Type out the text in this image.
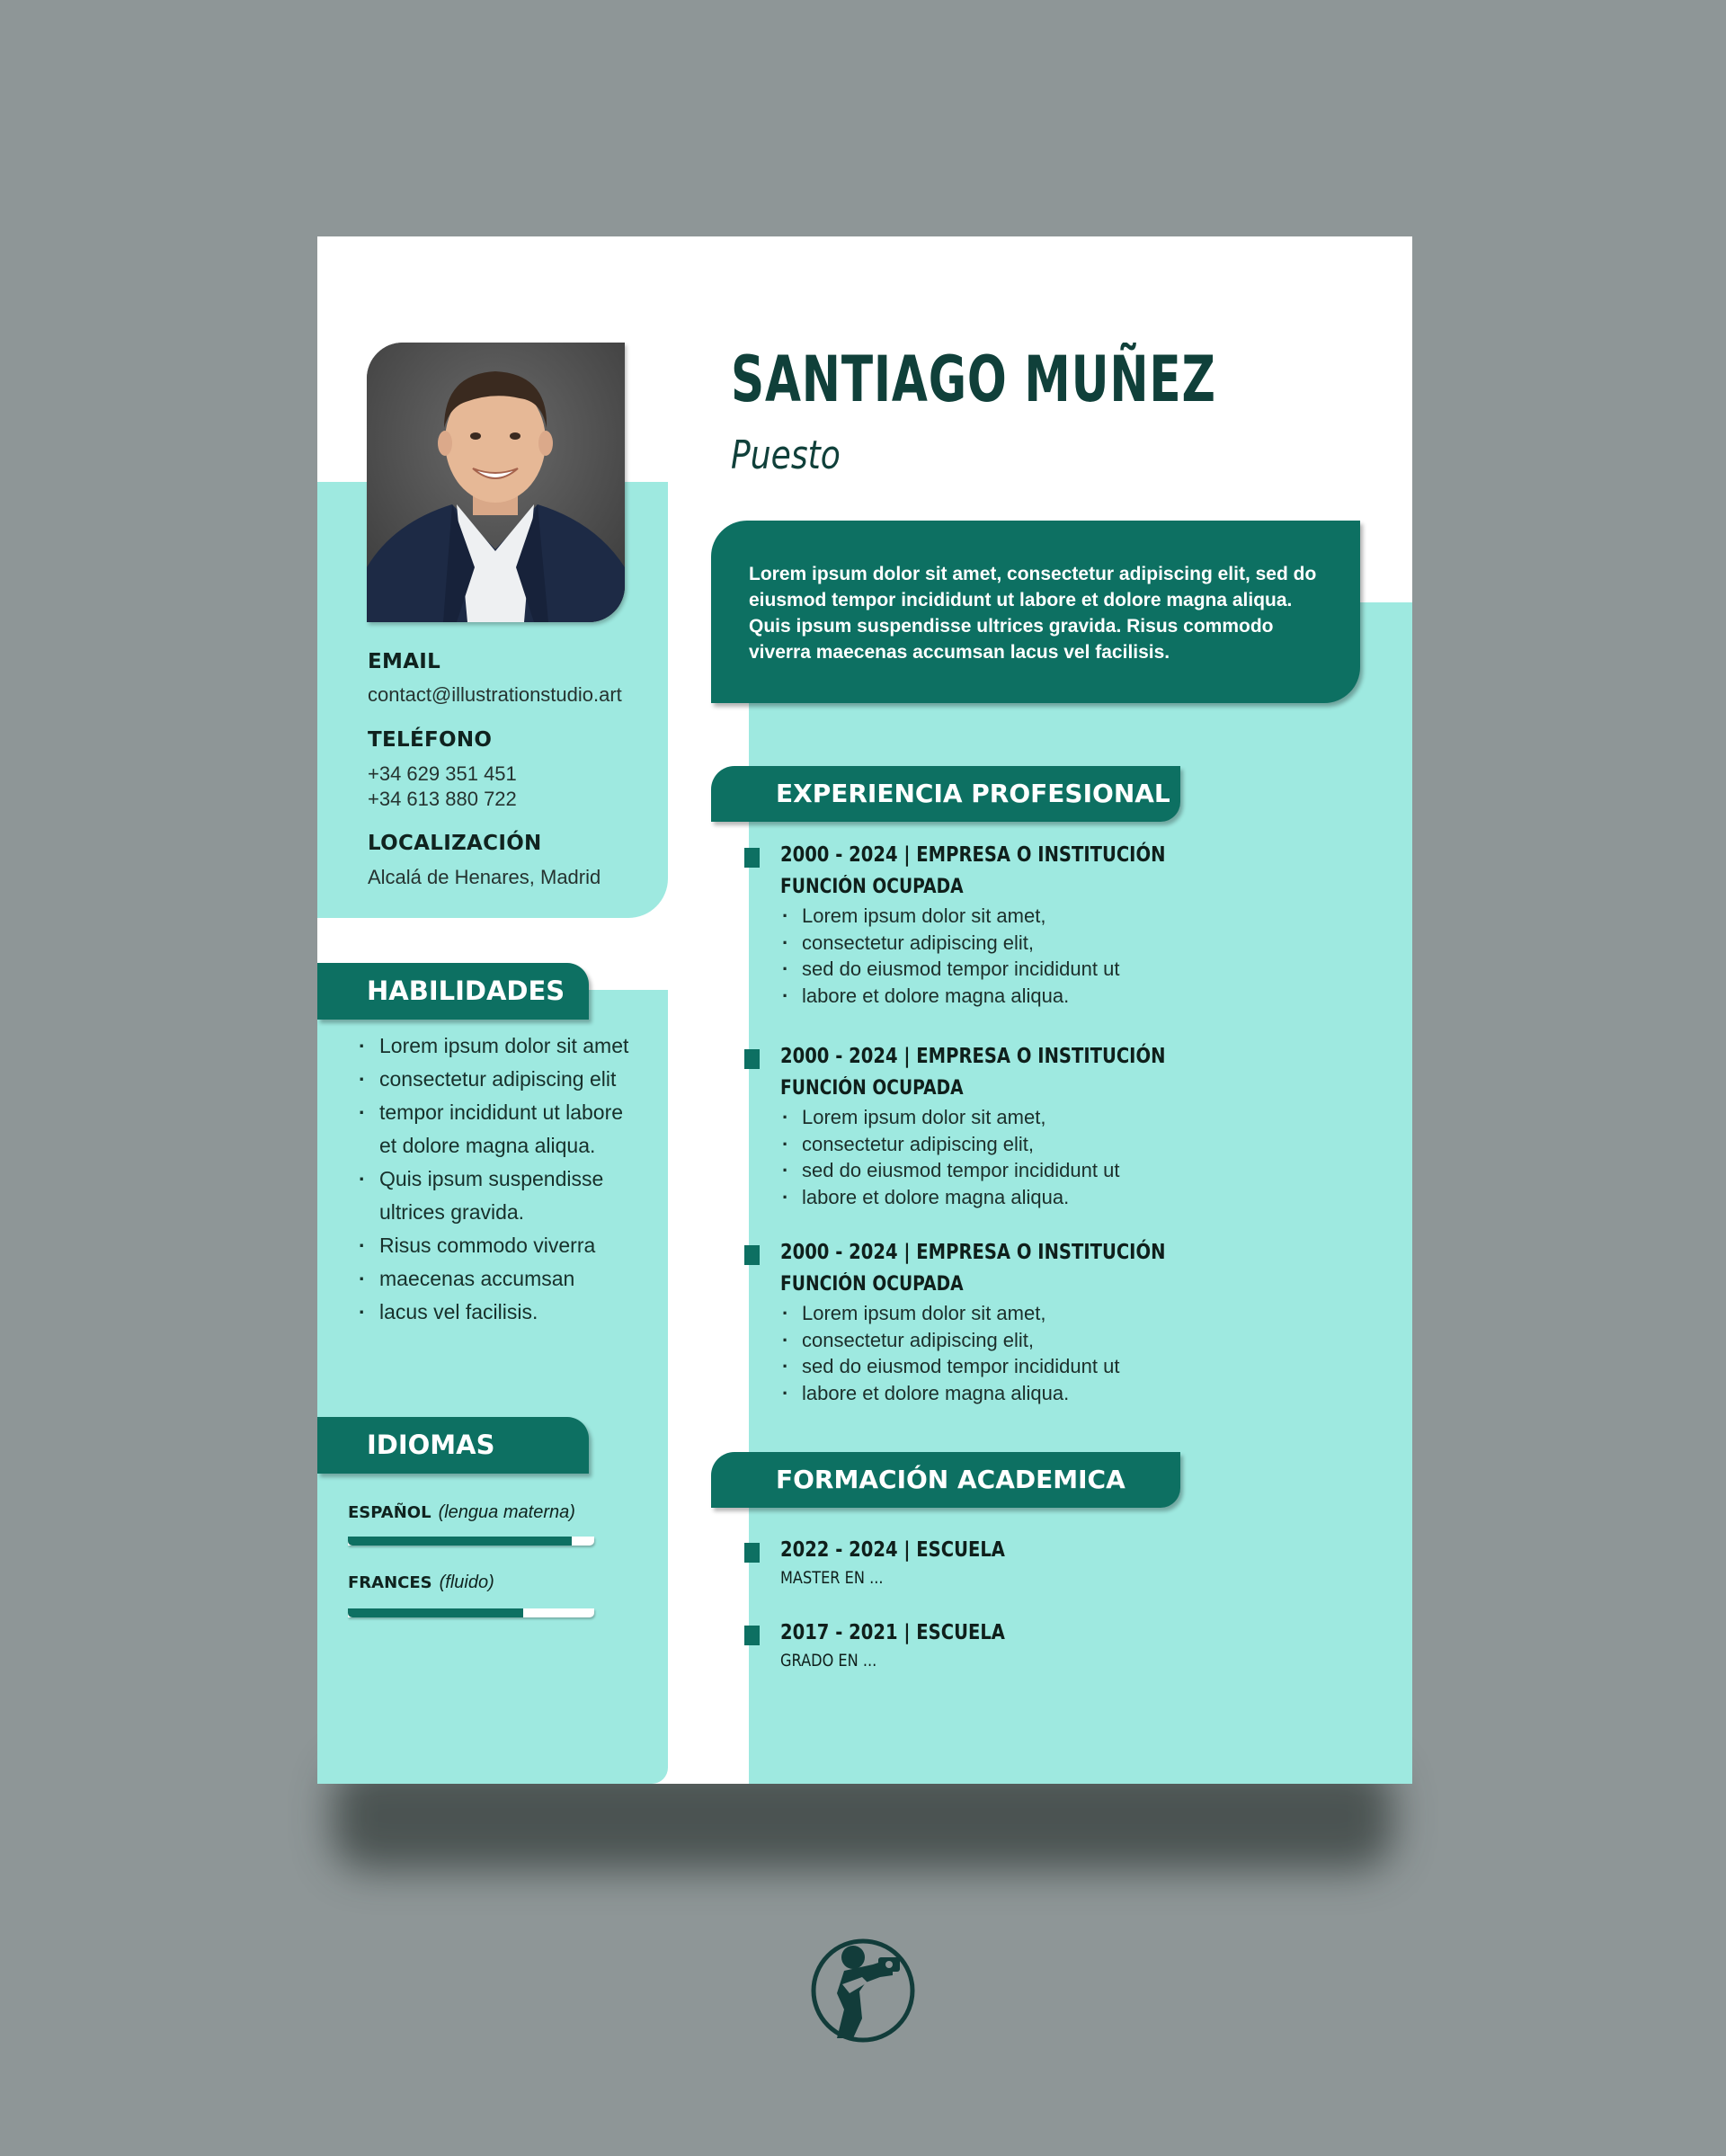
EMAIL
contact@illustrationstudio.art
TELÉFONO
+34 629 351 451
+34 613 880 722
LOCALIZACIÓN
Alcalá de Henares, Madrid
HABILIDADES
· Lorem ipsum dolor sit amet
· consectetur adipiscing elit
· tempor incididunt ut labore et dolore magna aliqua.
· Quis ipsum suspendisse ultrices gravida.
· Risus commodo viverra
· maecenas accumsan
· lacus vel facilisis.
IDIOMAS
ESPAÑOL (lengua materna)
FRANCES (fluido)
SANTIAGO MUÑEZ
Puesto
Lorem ipsum dolor sit amet, consectetur adipiscing elit, sed do eiusmod tempor incididunt ut labore et dolore magna aliqua. Quis ipsum suspendisse ultrices gravida. Risus commodo viverra maecenas accumsan lacus vel facilisis.
EXPERIENCIA PROFESIONAL
2000 - 2024 | EMPRESA O INSTITUCIÓN
FUNCIÓN OCUPADA
· Lorem ipsum dolor sit amet,
· consectetur adipiscing elit,
· sed do eiusmod tempor incididunt ut
· labore et dolore magna aliqua.
2000 - 2024 | EMPRESA O INSTITUCIÓN
FUNCIÓN OCUPADA
· Lorem ipsum dolor sit amet,
· consectetur adipiscing elit,
· sed do eiusmod tempor incididunt ut
· labore et dolore magna aliqua.
2000 - 2024 | EMPRESA O INSTITUCIÓN
FUNCIÓN OCUPADA
· Lorem ipsum dolor sit amet,
· consectetur adipiscing elit,
· sed do eiusmod tempor incididunt ut
· labore et dolore magna aliqua.
FORMACIÓN ACADEMICA
2022 - 2024 | ESCUELA
MASTER EN ...
2017 - 2021 | ESCUELA
GRADO EN ...
